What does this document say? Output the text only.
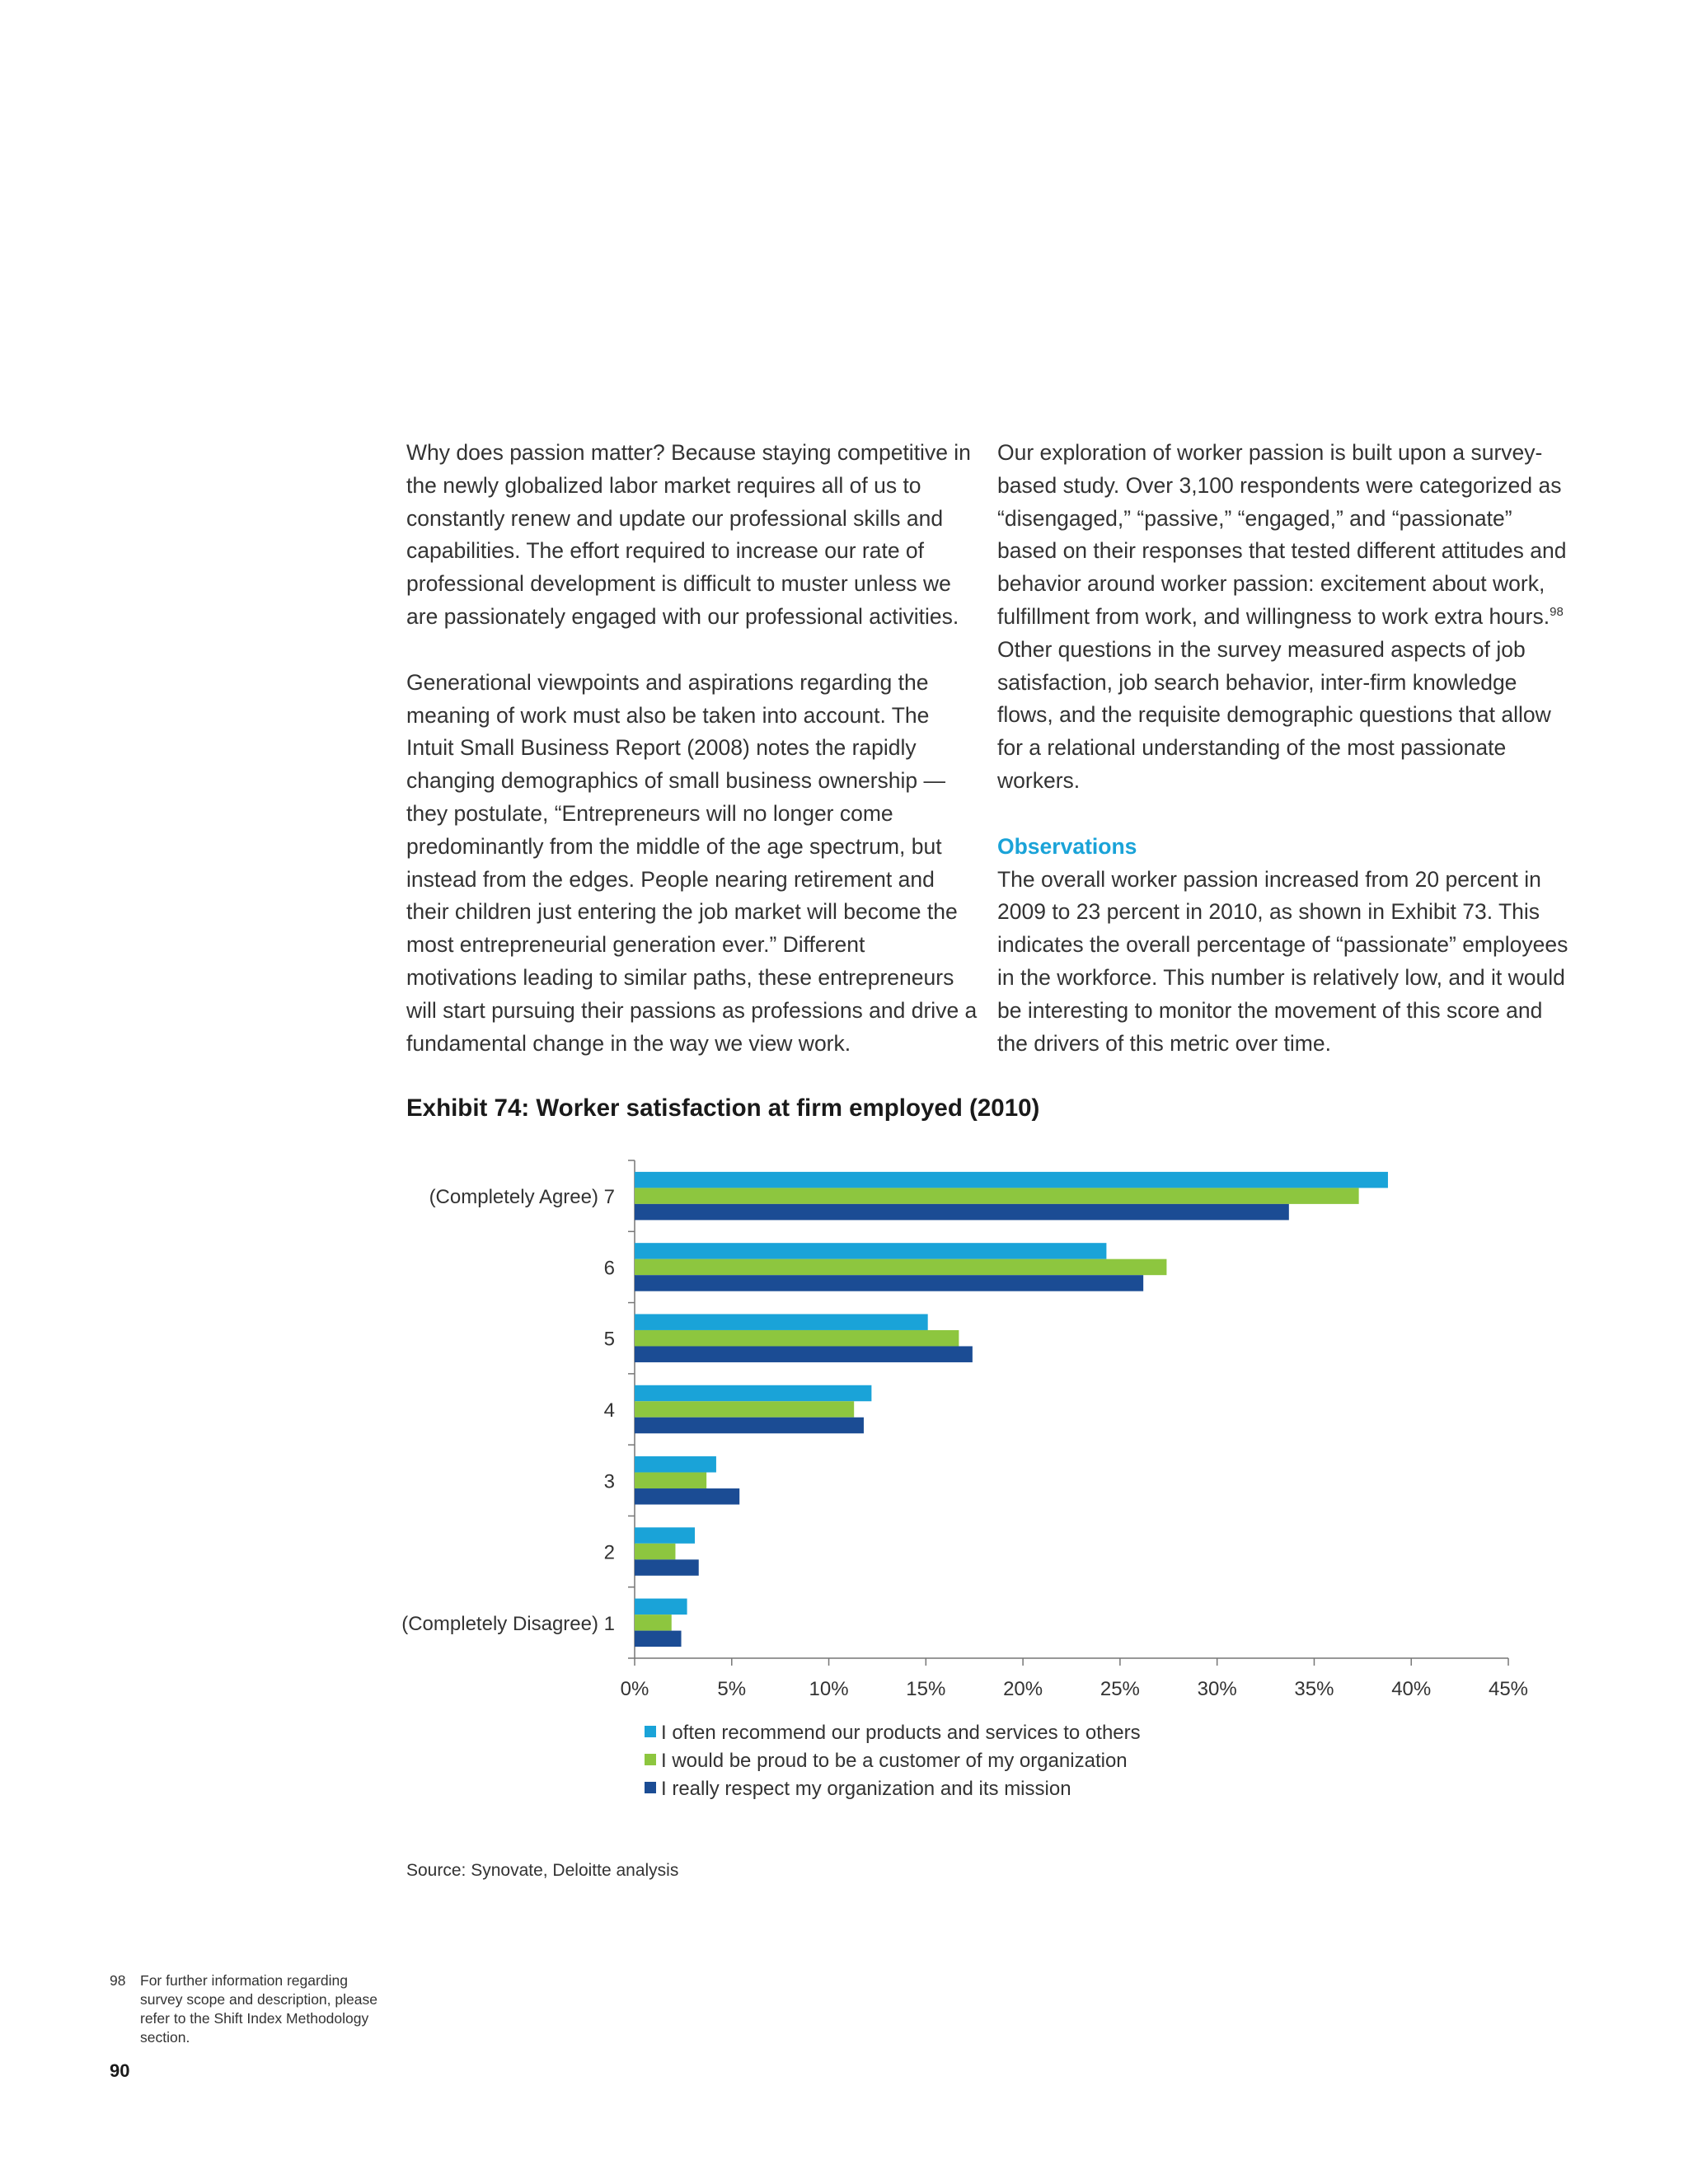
Why does passion matter? Because staying competitive in the newly globalized labor market requires all of us to constantly renew and update our professional skills and capabilities. The effort required to increase our rate of professional development is difficult to muster unless we are passionately engaged with our professional activities.

Generational viewpoints and aspirations regarding the meaning of work must also be taken into account. The Intuit Small Business Report (2008) notes the rapidly changing demographics of small business ownership — they postulate, “Entrepreneurs will no longer come predominantly from the middle of the age spectrum, but instead from the edges. People nearing retirement and their children just entering the job market will become the most entrepreneurial generation ever.” Different motivations leading to similar paths, these entrepreneurs will start pursuing their passions as professions and drive a fundamental change in the way we view work.

Our exploration of worker passion is built upon a survey-based study. Over 3,100 respondents were categorized as “disengaged,” “passive,” “engaged,” and “passionate” based on their responses that tested different attitudes and behavior around worker passion: excitement about work, fulfillment from work, and willingness to work extra hours.$^{98}$ Other questions in the survey measured aspects of job satisfaction, job search behavior, inter-firm knowledge flows, and the requisite demographic questions that allow for a relational understanding of the most passionate workers.

Observations
The overall worker passion increased from 20 percent in 2009 to 23 percent in 2010, as shown in Exhibit 73. This indicates the overall percentage of “passionate” employees in the workforce. This number is relatively low, and it would be interesting to monitor the movement of this score and the drivers of this metric over time.

Exhibit 74: Worker satisfaction at firm employed (2010)
(Completely Agree) 7
6
5
4
3
2
(Completely Disagree) 1
0%	5%	10%	15%	20%	25%	30%	35%	40%	45%
I often recommend our products and services to others
I would be proud to be a customer of my organization
I really respect my organization and its mission
Source: Synovate, Deloitte analysis
98 For further information regarding survey scope and description, please refer to the Shift Index Methodology section.
90
